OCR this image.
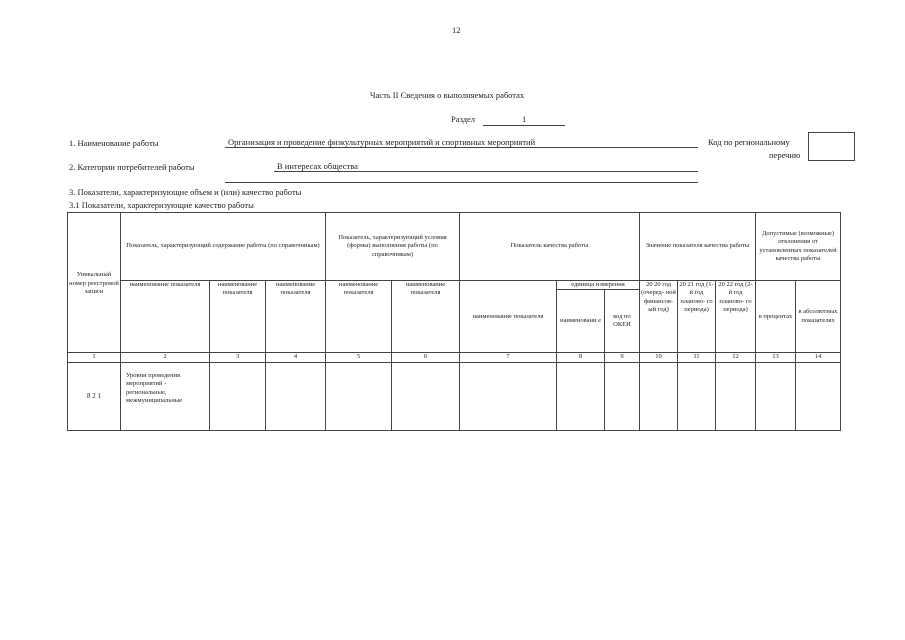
12
Часть II Сведения о выполняемых работах
Раздел	1
1. Наименование работы	Организация и проведение физкультурных мероприятий и спортивных мероприятий	Код по региональному
перечню
2. Категории потребителей работы	В интересах общества
3. Показатели, характеризующие объем и (или) качество работы
3.1 Показатели, характеризующие качество работы
Уникальный номер реестровой записи	Показатель, характеризующий содержание работы (по справочникам)			Показатель, характеризующий условия (формы) выполнения работы (по справочникам)		Показатель качества работы			Значение показателя качества работы			Допустимые (возможные) отклонения от установленных показателей качества работы	
	наименование показателя	наименование показателя	наименование показателя	наименование показателя	наименование показателя	наименование показателя	единица измерения		20 20 год (очеред- ной финансов- ый год)	20 21 год (1-й год планово- го периода)	20 22 год (2-й год планово- го периода)	в процентах	в абсолютных показателях
							наименовани е	код по ОКЕИ					
1	2	3	4	5	6	7	8	9	10	11	12	13	14
8 2 1	Уровни проведения мероприятий - региональные, межмуниципальные												
